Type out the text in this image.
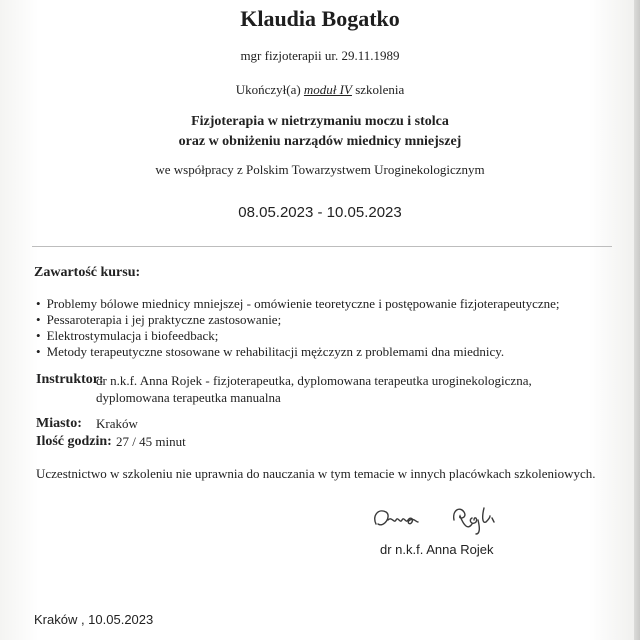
Klaudia Bogatko
mgr fizjoterapii ur. 29.11.1989
Ukończył(a) moduł IV szkolenia
Fizjoterapia w nietrzymaniu moczu i stolca
oraz w obniżeniu narządów miednicy mniejszej
we współpracy z Polskim Towarzystwem Uroginekologicznym
08.05.2023 - 10.05.2023
Zawartość kursu:
• Problemy bólowe miednicy mniejszej - omówienie teoretyczne i postępowanie fizjoterapeutyczne;
• Pessaroterapia i jej praktyczne zastosowanie;
• Elektrostymulacja i biofeedback;
• Metody terapeutyczne stosowane w rehabilitacji mężczyzn z problemami dna miednicy.
Instruktor:
dr n.k.f. Anna Rojek - fizjoterapeutka, dyplomowana terapeutka uroginekologiczna,
dyplomowana terapeutka manualna
Miasto: Kraków
Ilość godzin: 27 / 45 minut
Uczestnictwo w szkoleniu nie uprawnia do nauczania w tym temacie w innych placówkach szkoleniowych.
dr n.k.f. Anna Rojek
Kraków , 10.05.2023
